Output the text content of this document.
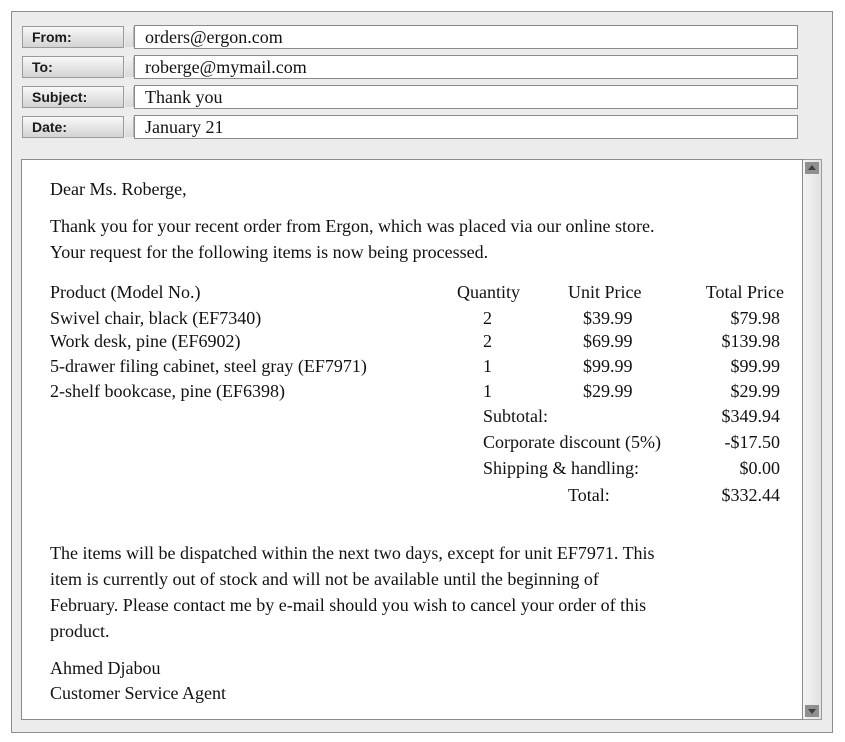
From:	orders@ergon.com
To:	roberge@mymail.com
Subject:	Thank you
Date:	January 21
Dear Ms. Roberge,
Thank you for your recent order from Ergon, which was placed via our online store.
Your request for the following items is now being processed.
Product (Model No.)	Quantity	Unit Price	Total Price
Swivel chair, black (EF7340)	2	$39.99	$79.98
Work desk, pine (EF6902)	2	$69.99	$139.98
5-drawer filing cabinet, steel gray (EF7971)	1	$99.99	$99.99
2-shelf bookcase, pine (EF6398)	1	$29.99	$29.99
Subtotal:	$349.94
Corporate discount (5%)	-$17.50
Shipping & handling:	$0.00
Total:	$332.44
The items will be dispatched within the next two days, except for unit EF7971. This
item is currently out of stock and will not be available until the beginning of
February. Please contact me by e-mail should you wish to cancel your order of this
product.
Ahmed Djabou
Customer Service Agent
